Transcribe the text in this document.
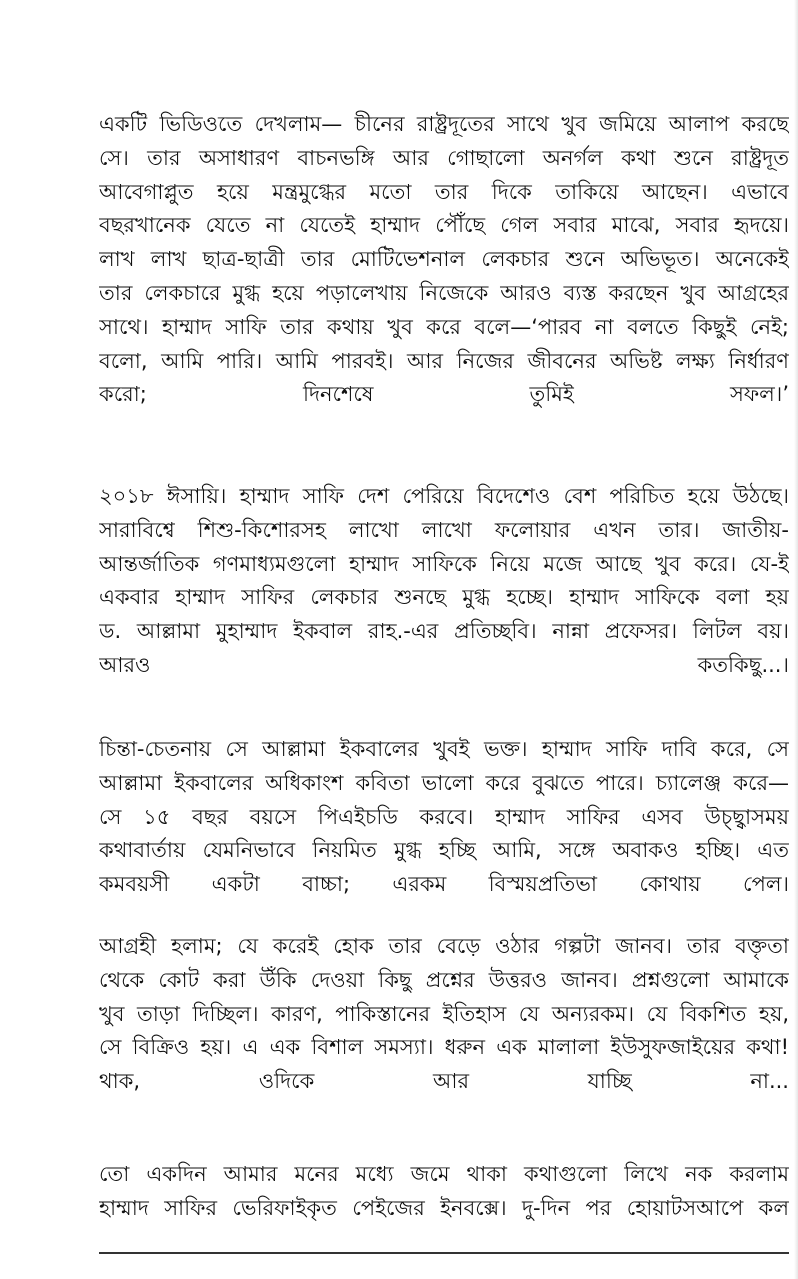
একটি ভিডিওতে দেখলাম— চীনের রাষ্ট্রদূতের সাথে খুব জমিয়ে আলাপ করছে
সে। তার অসাধারণ বাচনভঙ্গি আর গোছালো অনর্গল কথা শুনে রাষ্ট্রদূত
আবেগাপ্লুত হয়ে মন্ত্রমুগ্ধের মতো তার দিকে তাকিয়ে আছেন। এভাবে
বছরখানেক যেতে না যেতেই হাম্মাদ পৌঁছে গেল সবার মাঝে, সবার হৃদয়ে।
লাখ লাখ ছাত্র-ছাত্রী তার মোটিভেশনাল লেকচার শুনে অভিভূত। অনেকেই
তার লেকচারে মুগ্ধ হয়ে পড়ালেখায় নিজেকে আরও ব্যস্ত করছেন খুব আগ্রহের
সাথে। হাম্মাদ সাফি তার কথায় খুব করে বলে—‘পারব না বলতে কিছুই নেই;
বলো, আমি পারি। আমি পারবই। আর নিজের জীবনের অভিষ্ট লক্ষ্য নির্ধারণ
করো; দিনশেষে তুমিই সফল।’
২০১৮ ঈসায়ি। হাম্মাদ সাফি দেশ পেরিয়ে বিদেশেও বেশ পরিচিত হয়ে উঠছে।
সারাবিশ্বে শিশু-কিশোরসহ লাখো লাখো ফলোয়ার এখন তার। জাতীয়-
আন্তর্জাতিক গণমাধ্যমগুলো হাম্মাদ সাফিকে নিয়ে মজে আছে খুব করে। যে-ই
একবার হাম্মাদ সাফির লেকচার শুনছে মুগ্ধ হচ্ছে। হাম্মাদ সাফিকে বলা হয়
ড. আল্লামা মুহাম্মাদ ইকবাল রাহ.-এর প্রতিচ্ছবি। নান্না প্রফেসর। লিটল বয়।
আরও কতকিছু...।
চিন্তা-চেতনায় সে আল্লামা ইকবালের খুবই ভক্ত। হাম্মাদ সাফি দাবি করে, সে
আল্লামা ইকবালের অধিকাংশ কবিতা ভালো করে বুঝতে পারে। চ্যালেঞ্জ করে—
সে ১৫ বছর বয়সে পিএইচডি করবে। হাম্মাদ সাফির এসব উচ্ছ্বাসময়
কথাবার্তায় যেমনিভাবে নিয়মিত মুগ্ধ হচ্ছি আমি, সঙ্গে অবাকও হচ্ছি। এত
কমবয়সী একটা বাচ্চা; এরকম বিস্ময়প্রতিভা কোথায় পেল।
আগ্রহী হলাম; যে করেই হোক তার বেড়ে ওঠার গল্পটা জানব। তার বক্তৃতা
থেকে কোট করা উঁকি দেওয়া কিছু প্রশ্নের উত্তরও জানব। প্রশ্নগুলো আমাকে
খুব তাড়া দিচ্ছিল। কারণ, পাকিস্তানের ইতিহাস যে অন্যরকম। যে বিকশিত হয়,
সে বিক্রিও হয়। এ এক বিশাল সমস্যা। ধরুন এক মালালা ইউসুফজাইয়ের কথা!
থাক, ওদিকে আর যাচ্ছি না...
তো একদিন আমার মনের মধ্যে জমে থাকা কথাগুলো লিখে নক করলাম
হাম্মাদ সাফির ভেরিফাইকৃত পেইজের ইনবক্সে। দু-দিন পর হোয়াটসআপে কল
